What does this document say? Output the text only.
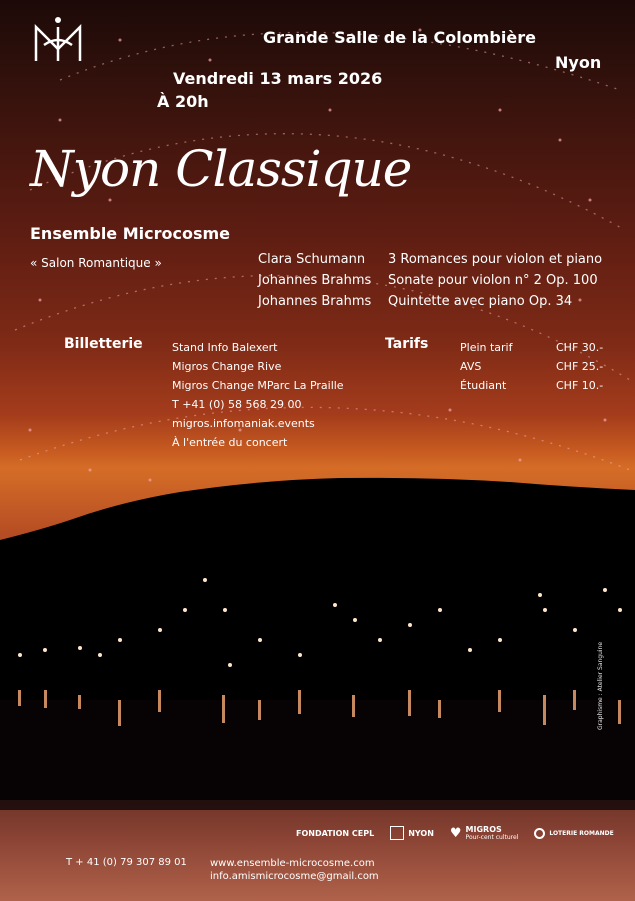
Grande Salle de la Colombière
Nyon
Vendredi 13 mars 2026
À 20h
Nyon Classique
Ensemble Microcosme
« Salon Romantique »	Clara Schumann 3 Romances pour violon et piano
Johannes Brahms Sonate pour violon n° 2 Op. 100
Johannes Brahms Quintette avec piano Op. 34
Billetterie	Stand Info Balexert
Migros Change Rive
Migros Change MParc La Praille
T +41 (0) 58 568 29 00
migros.infomaniak.events
À l'entrée du concert
Tarifs	Plein tarif	CHF 30.-
AVS	CHF 25.-
Étudiant	CHF 10.-
Graphisme : Atelier Sanguine
FONDATION CEPL	NYON ♥ MIGROS
Pour-cent culturel
LOTERIE ROMANDE
T + 41 (0) 79 307 89 01 www.ensemble-microcosme.com
info.amismicrocosme@gmail.com
